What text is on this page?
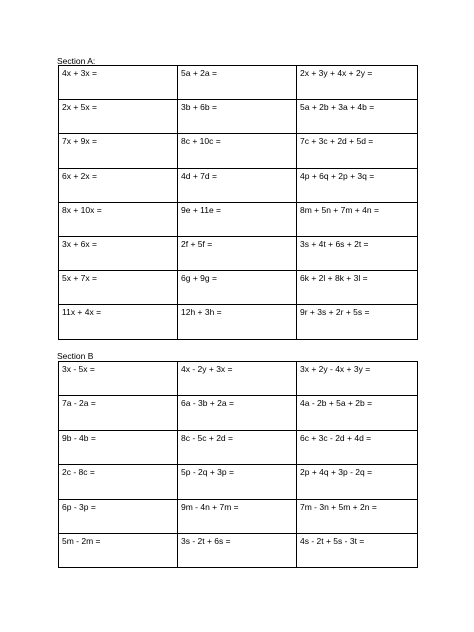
Section A:
4x + 3x =	5a + 2a =	2x + 3y + 4x + 2y =

2x + 5x =	3b + 6b =	5a + 2b + 3a + 4b =

7x + 9x =	8c + 10c =	7c + 3c + 2d + 5d =

6x + 2x =	4d + 7d =	4p + 6q + 2p + 3q =

8x + 10x =	9e + 11e =	8m + 5n + 7m + 4n =

3x + 6x =	2f + 5f =	3s + 4t + 6s + 2t =

5x + 7x =	6g + 9g =	6k + 2l + 8k + 3l =

11x + 4x =	12h + 3h =	9r + 3s + 2r + 5s =
Section B
3x - 5x =	4x - 2y + 3x =	3x + 2y - 4x + 3y =

7a - 2a =	6a - 3b + 2a =	4a - 2b + 5a + 2b =

9b - 4b =	8c - 5c + 2d =	6c + 3c - 2d + 4d =

2c - 8c =	5p - 2q + 3p =	2p + 4q + 3p - 2q =

6p - 3p =	9m - 4n + 7m =	7m - 3n + 5m + 2n =

5m - 2m =	3s - 2t + 6s =	4s - 2t + 5s - 3t =
